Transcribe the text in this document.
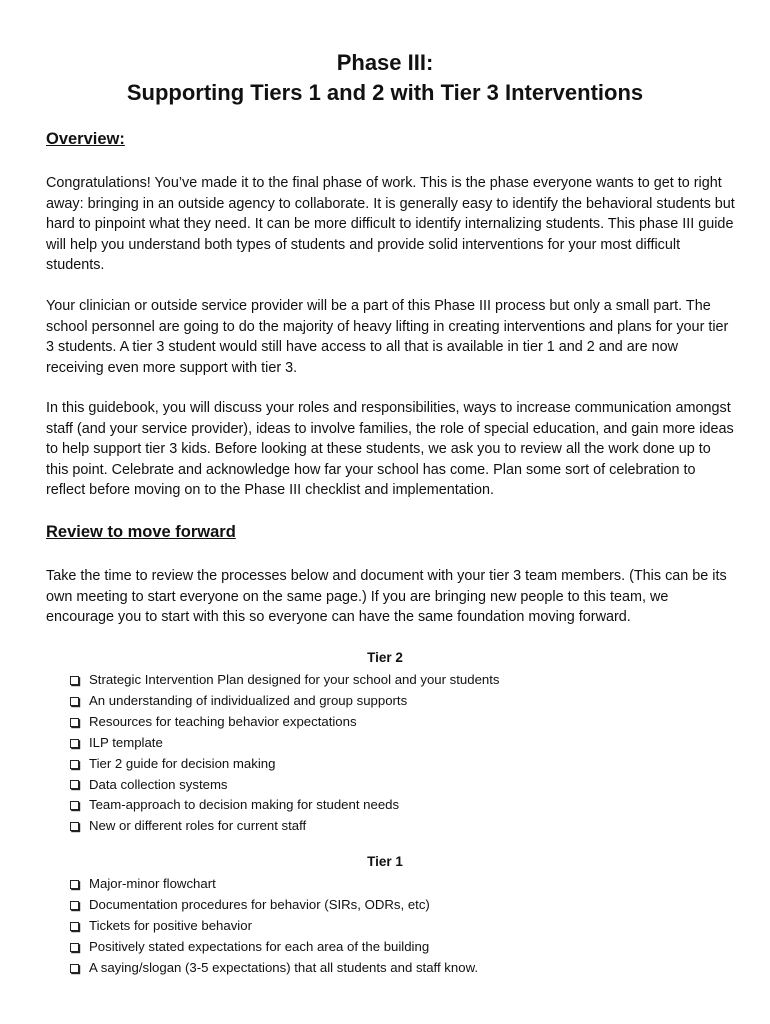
Phase III:
Supporting Tiers 1 and 2 with Tier 3 Interventions
Overview:

Congratulations! You’ve made it to the final phase of work. This is the phase everyone wants to get to right away: bringing in an outside agency to collaborate. It is generally easy to identify the behavioral students but hard to pinpoint what they need. It can be more difficult to identify internalizing students. This phase III guide will help you understand both types of students and provide solid interventions for your most difficult students.

Your clinician or outside service provider will be a part of this Phase III process but only a small part. The school personnel are going to do the majority of heavy lifting in creating interventions and plans for your tier 3 students. A tier 3 student would still have access to all that is available in tier 1 and 2 and are now receiving even more support with tier 3.

In this guidebook, you will discuss your roles and responsibilities, ways to increase communication amongst staff (and your service provider), ideas to involve families, the role of special education, and gain more ideas to help support tier 3 kids. Before looking at these students, we ask you to review all the work done up to this point. Celebrate and acknowledge how far your school has come. Plan some sort of celebration to reflect before moving on to the Phase III checklist and implementation.

Review to move forward

Take the time to review the processes below and document with your tier 3 team members. (This can be its own meeting to start everyone on the same page.) If you are bringing new people to this team, we encourage you to start with this so everyone can have the same foundation moving forward.

Tier 2
Strategic Intervention Plan designed for your school and your students
An understanding of individualized and group supports
Resources for teaching behavior expectations
ILP template
Tier 2 guide for decision making
Data collection systems
Team-approach to decision making for student needs
New or different roles for current staff
Tier 1
Major-minor flowchart
Documentation procedures for behavior (SIRs, ODRs, etc)
Tickets for positive behavior
Positively stated expectations for each area of the building
A saying/slogan (3-5 expectations) that all students and staff know.
